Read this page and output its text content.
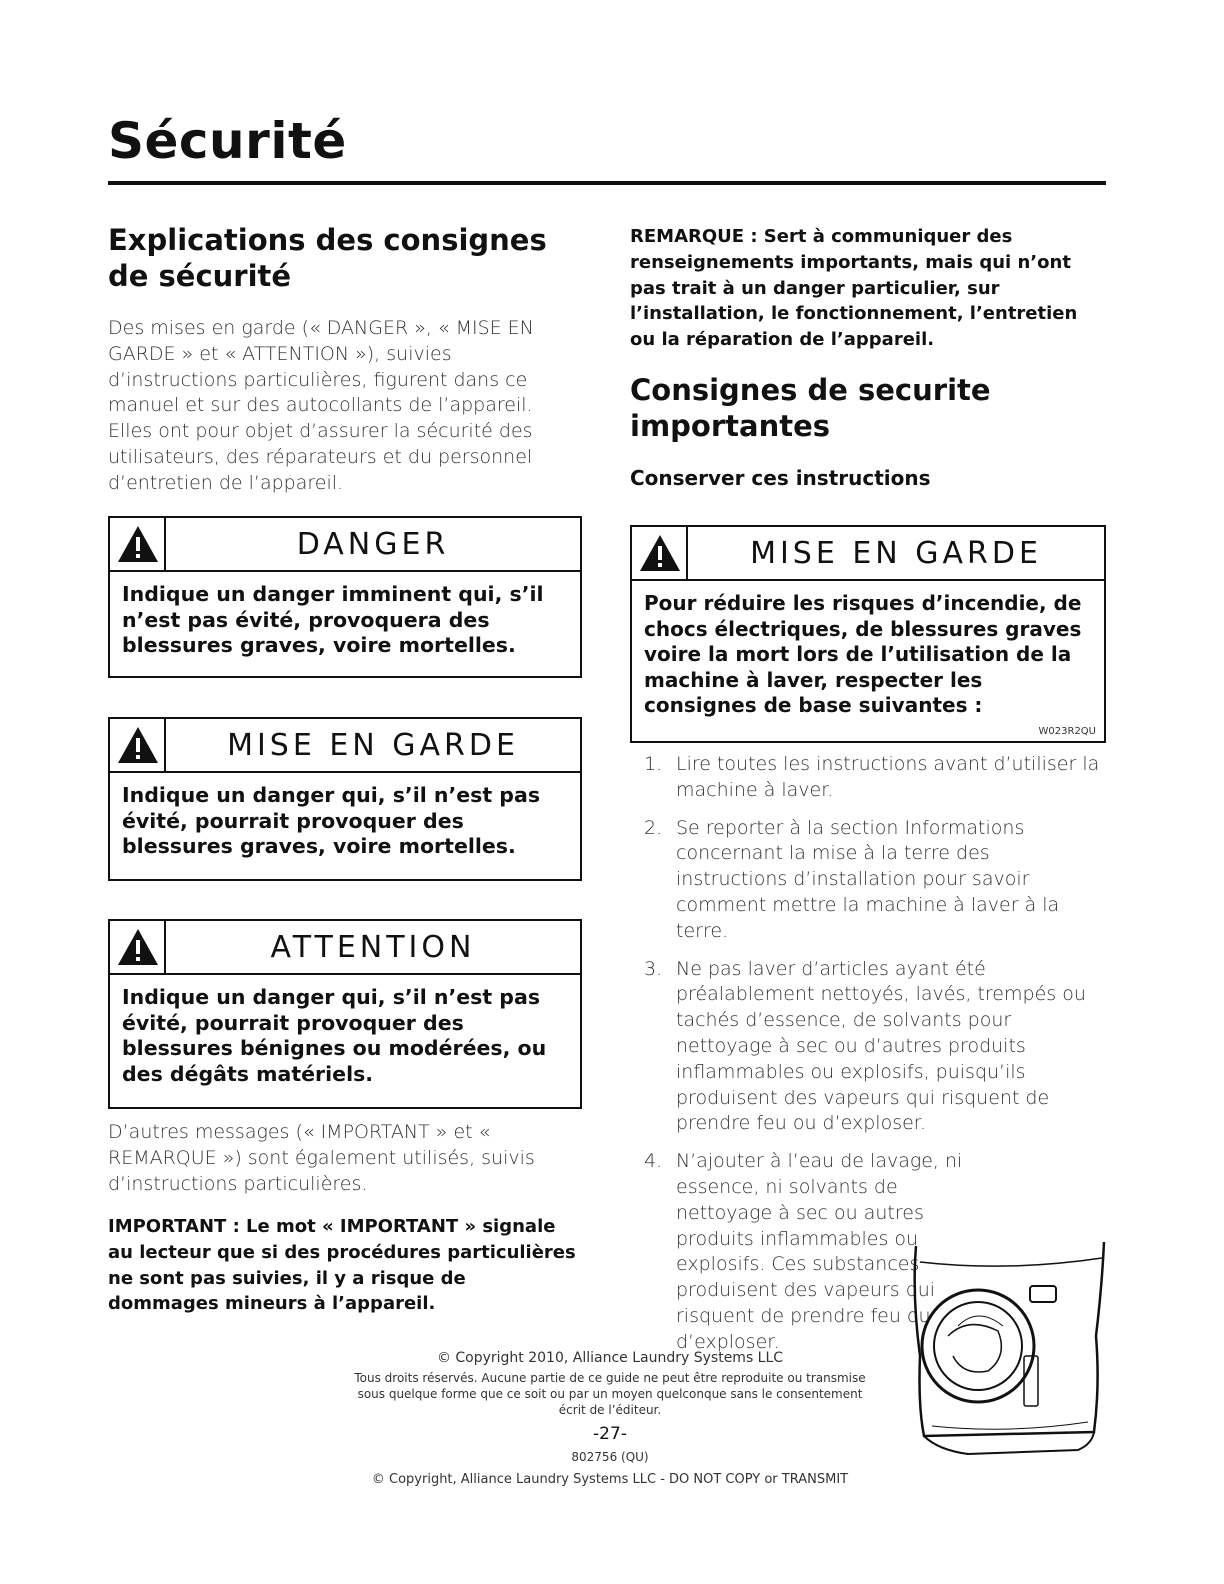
Sécurité
Explications des consignes de sécurité
Des mises en garde (« DANGER », « MISE EN GARDE » et « ATTENTION »), suivies d’instructions particulières, figurent dans ce manuel et sur des autocollants de l’appareil. Elles ont pour objet d’assurer la sécurité des utilisateurs, des réparateurs et du personnel d’entretien de l’appareil.
DANGER
Indique un danger imminent qui, s’il n’est pas évité, provoquera des blessures graves, voire mortelles.
MISE EN GARDE
Indique un danger qui, s’il n’est pas évité, pourrait provoquer des blessures graves, voire mortelles.
ATTENTION
Indique un danger qui, s’il n’est pas évité, pourrait provoquer des blessures bénignes ou modérées, ou des dégâts matériels.
D’autres messages (« IMPORTANT » et « REMARQUE ») sont également utilisés, suivis d’instructions particulières.
IMPORTANT : Le mot « IMPORTANT » signale au lecteur que si des procédures particulières ne sont pas suivies, il y a risque de dommages mineurs à l’appareil.
REMARQUE : Sert à communiquer des renseignements importants, mais qui n’ont pas trait à un danger particulier, sur l’installation, le fonctionnement, l’entretien ou la réparation de l’appareil.
Consignes de securite importantes
Conserver ces instructions
MISE EN GARDE
Pour réduire les risques d’incendie, de chocs électriques, de blessures graves voire la mort lors de l’utilisation de la machine à laver, respecter les consignes de base suivantes :
W023R2QU
1. Lire toutes les instructions avant d’utiliser la machine à laver.
2. Se reporter à la section Informations concernant la mise à la terre des instructions d’installation pour savoir comment mettre la machine à laver à la terre.
3. Ne pas laver d’articles ayant été préalablement nettoyés, lavés, trempés ou tachés d’essence, de solvants pour nettoyage à sec ou d’autres produits inflammables ou explosifs, puisqu’ils produisent des vapeurs qui risquent de prendre feu ou d’exploser.
4. N’ajouter à l’eau de lavage, ni essence, ni solvants de nettoyage à sec ou autres produits inflammables ou explosifs. Ces substances produisent des vapeurs qui risquent de prendre feu ou d’exploser.
© Copyright 2010, Alliance Laundry Systems LLC
Tous droits réservés. Aucune partie de ce guide ne peut être reproduite ou transmise sous quelque forme que ce soit ou par un moyen quelconque sans le consentement écrit de l’éditeur.
-27-
802756 (QU)
© Copyright, Alliance Laundry Systems LLC - DO NOT COPY or TRANSMIT
